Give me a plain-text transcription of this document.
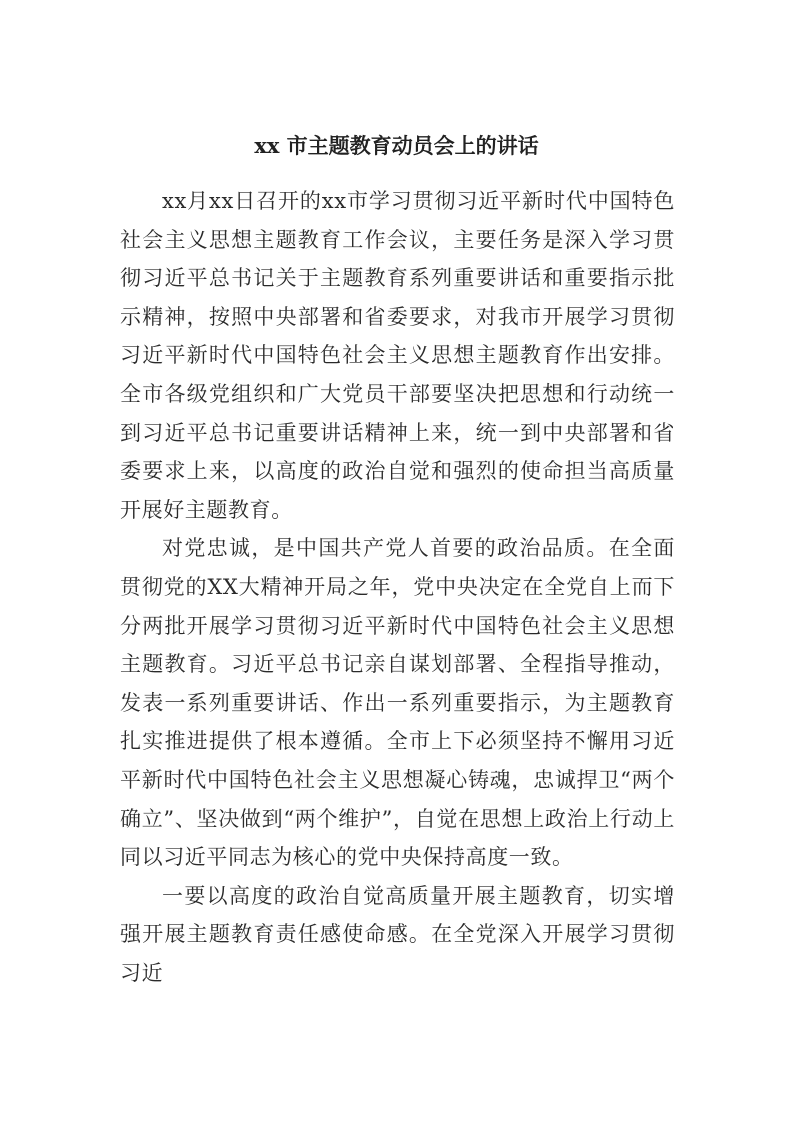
xx 市主题教育动员会上的讲话

xx月xx日召开的xx市学习贯彻习近平新时代中国特色社会主义思想主题教育工作会议，主要任务是深入学习贯彻习近平总书记关于主题教育系列重要讲话和重要指示批示精神，按照中央部署和省委要求，对我市开展学习贯彻习近平新时代中国特色社会主义思想主题教育作出安排。全市各级党组织和广大党员干部要坚决把思想和行动统一到习近平总书记重要讲话精神上来，统一到中央部署和省委要求上来，以高度的政治自觉和强烈的使命担当高质量开展好主题教育。

对党忠诚，是中国共产党人首要的政治品质。在全面贯彻党的XX大精神开局之年，党中央决定在全党自上而下分两批开展学习贯彻习近平新时代中国特色社会主义思想主题教育。习近平总书记亲自谋划部署、全程指导推动，发表一系列重要讲话、作出一系列重要指示，为主题教育扎实推进提供了根本遵循。全市上下必须坚持不懈用习近平新时代中国特色社会主义思想凝心铸魂，忠诚捍卫“两个确立”、坚决做到“两个维护”，自觉在思想上政治上行动上同以习近平同志为核心的党中央保持高度一致。

一要以高度的政治自觉高质量开展主题教育，切实增强开展主题教育责任感使命感。在全党深入开展学习贯彻习近
